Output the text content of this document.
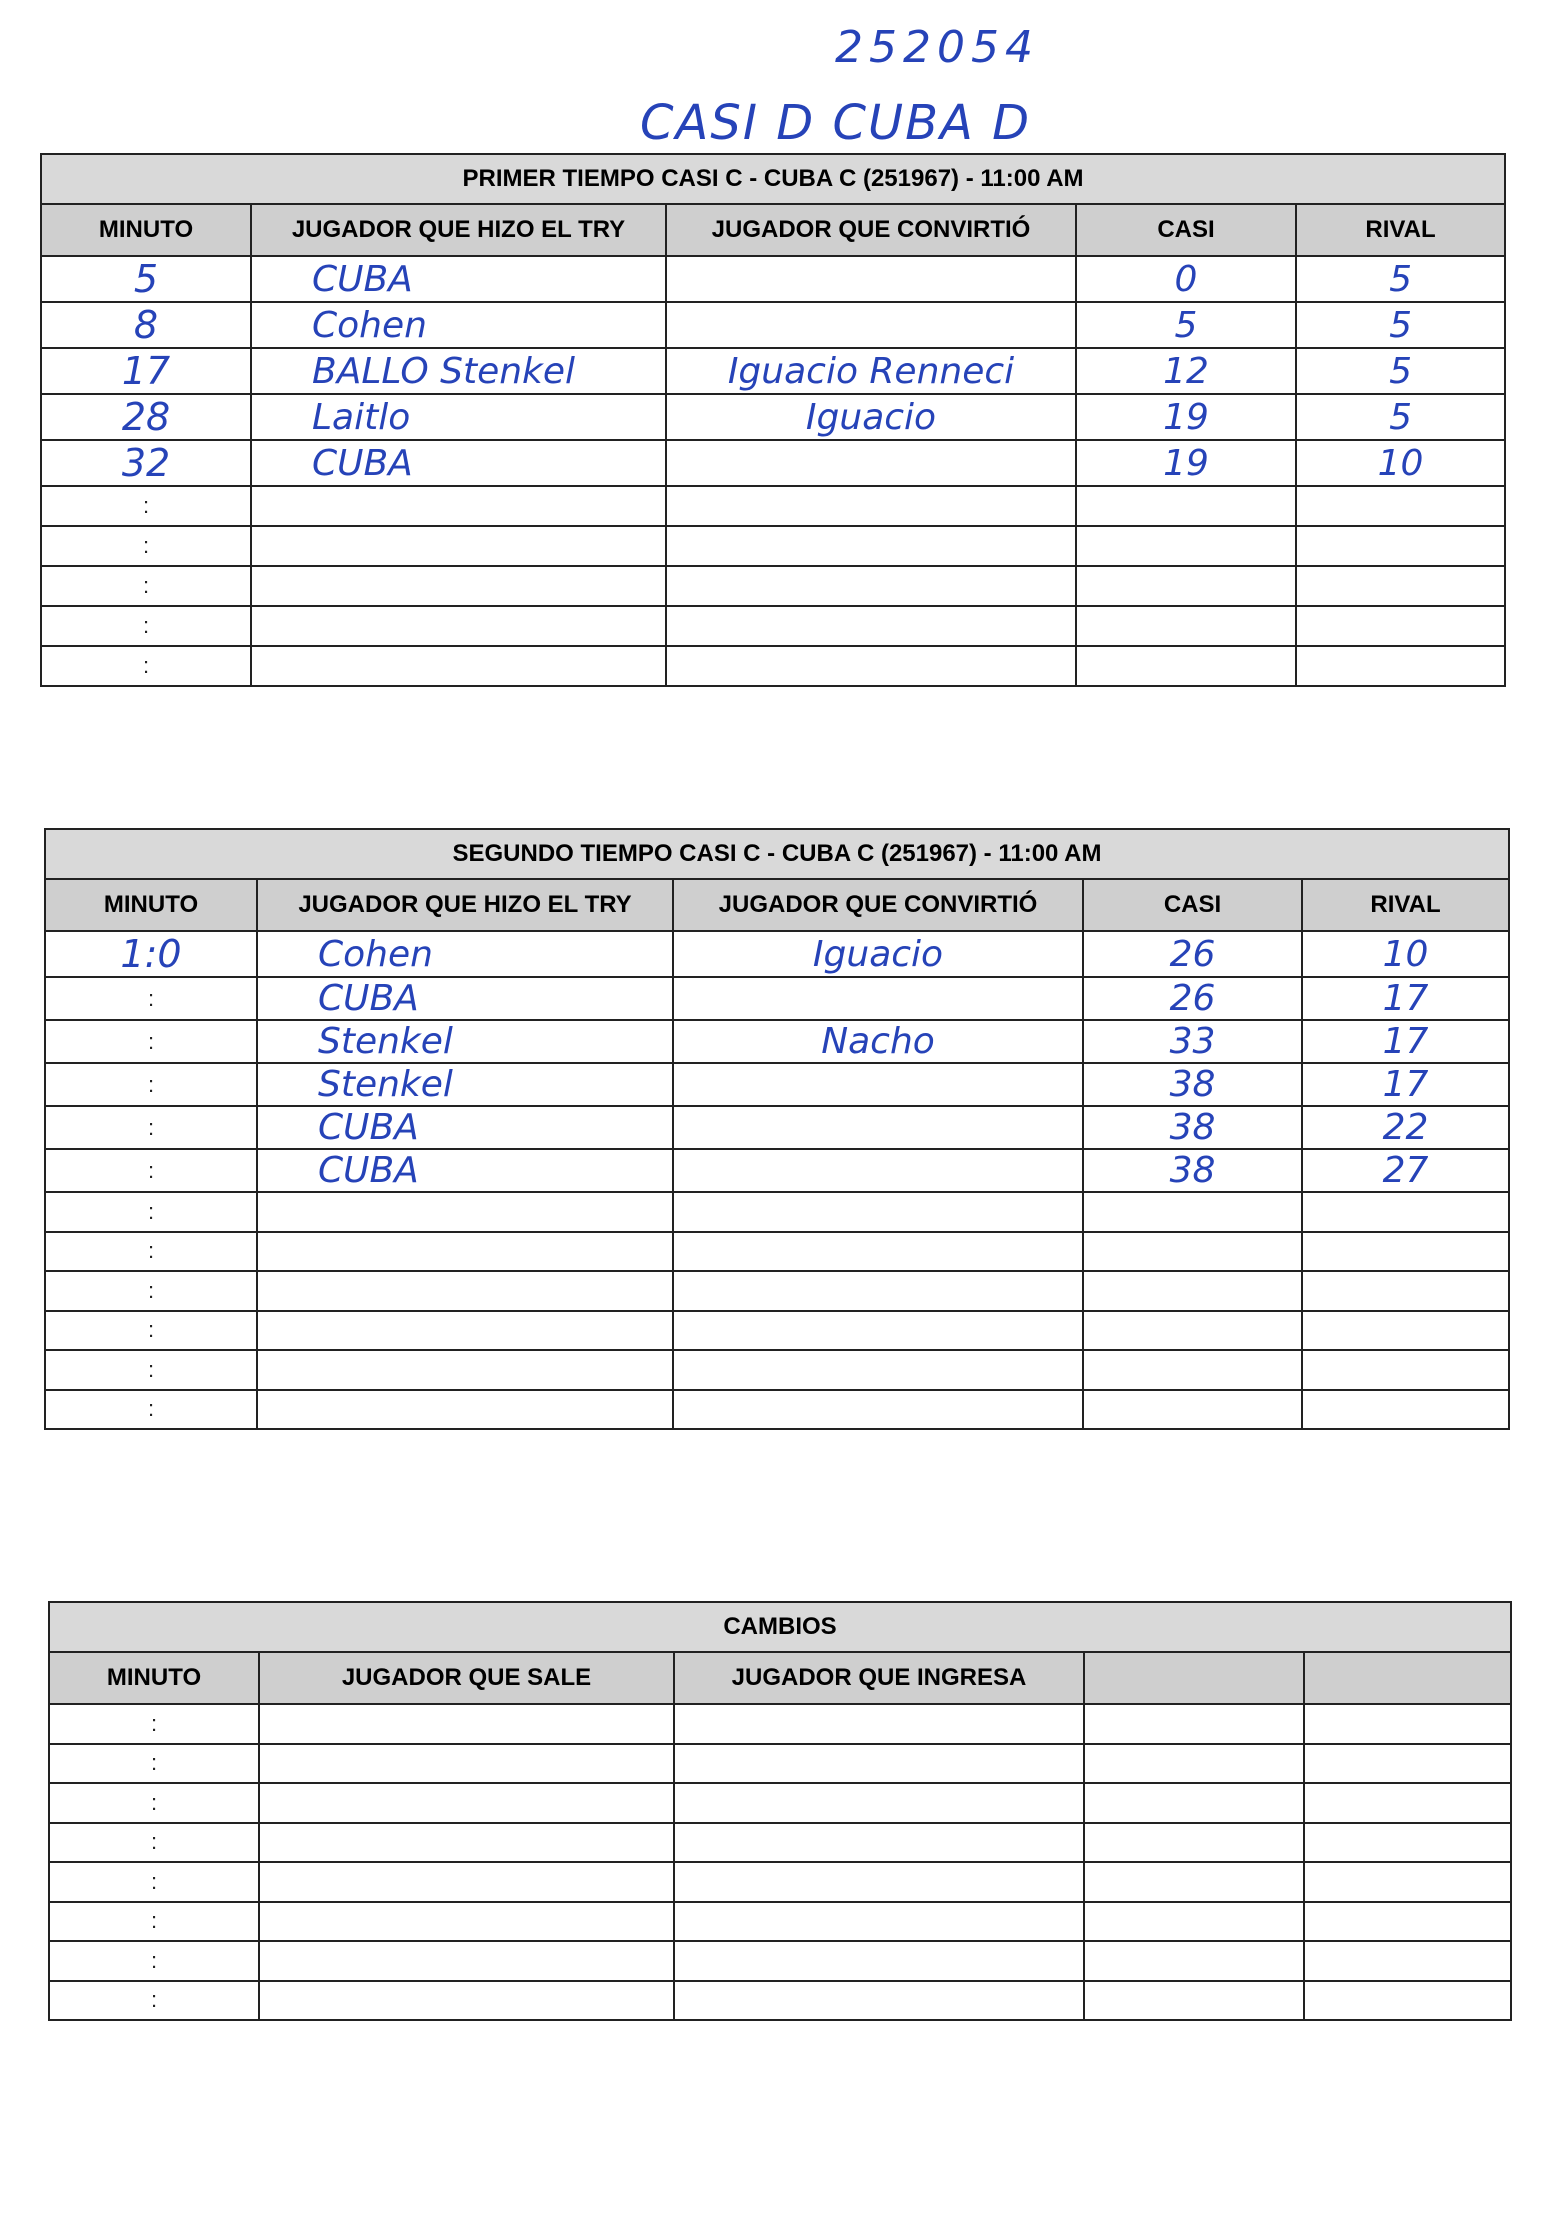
252054
CASI D CUBA D
PRIMER TIEMPO CASI C - CUBA C (251967) - 11:00 AM				
MINUTO	JUGADOR QUE HIZO EL TRY	JUGADOR QUE CONVIRTIÓ	CASI	RIVAL
5	CUBA		0	5
8	Cohen		5	5
17	BALLO Stenkel	Iguacio Renneci	12	5
28	Laitlo	Iguacio	19	5
32	CUBA		19	10

:				

:				

:				

:				

:				

SEGUNDO TIEMPO CASI C - CUBA C (251967) - 11:00 AM				
MINUTO	JUGADOR QUE HIZO EL TRY	JUGADOR QUE CONVIRTIÓ	CASI	RIVAL
1:0	Cohen	Iguacio	26	10

:	CUBA		26	17

:	Stenkel	Nacho	33	17

:	Stenkel		38	17

:	CUBA		38	22

:	CUBA		38	27

:				

:				

:				

:				

:				

:				

CAMBIOS				
MINUTO	JUGADOR QUE SALE	JUGADOR QUE INGRESA		

:				

:				

:				

:				

:				

:				

:				

:				
